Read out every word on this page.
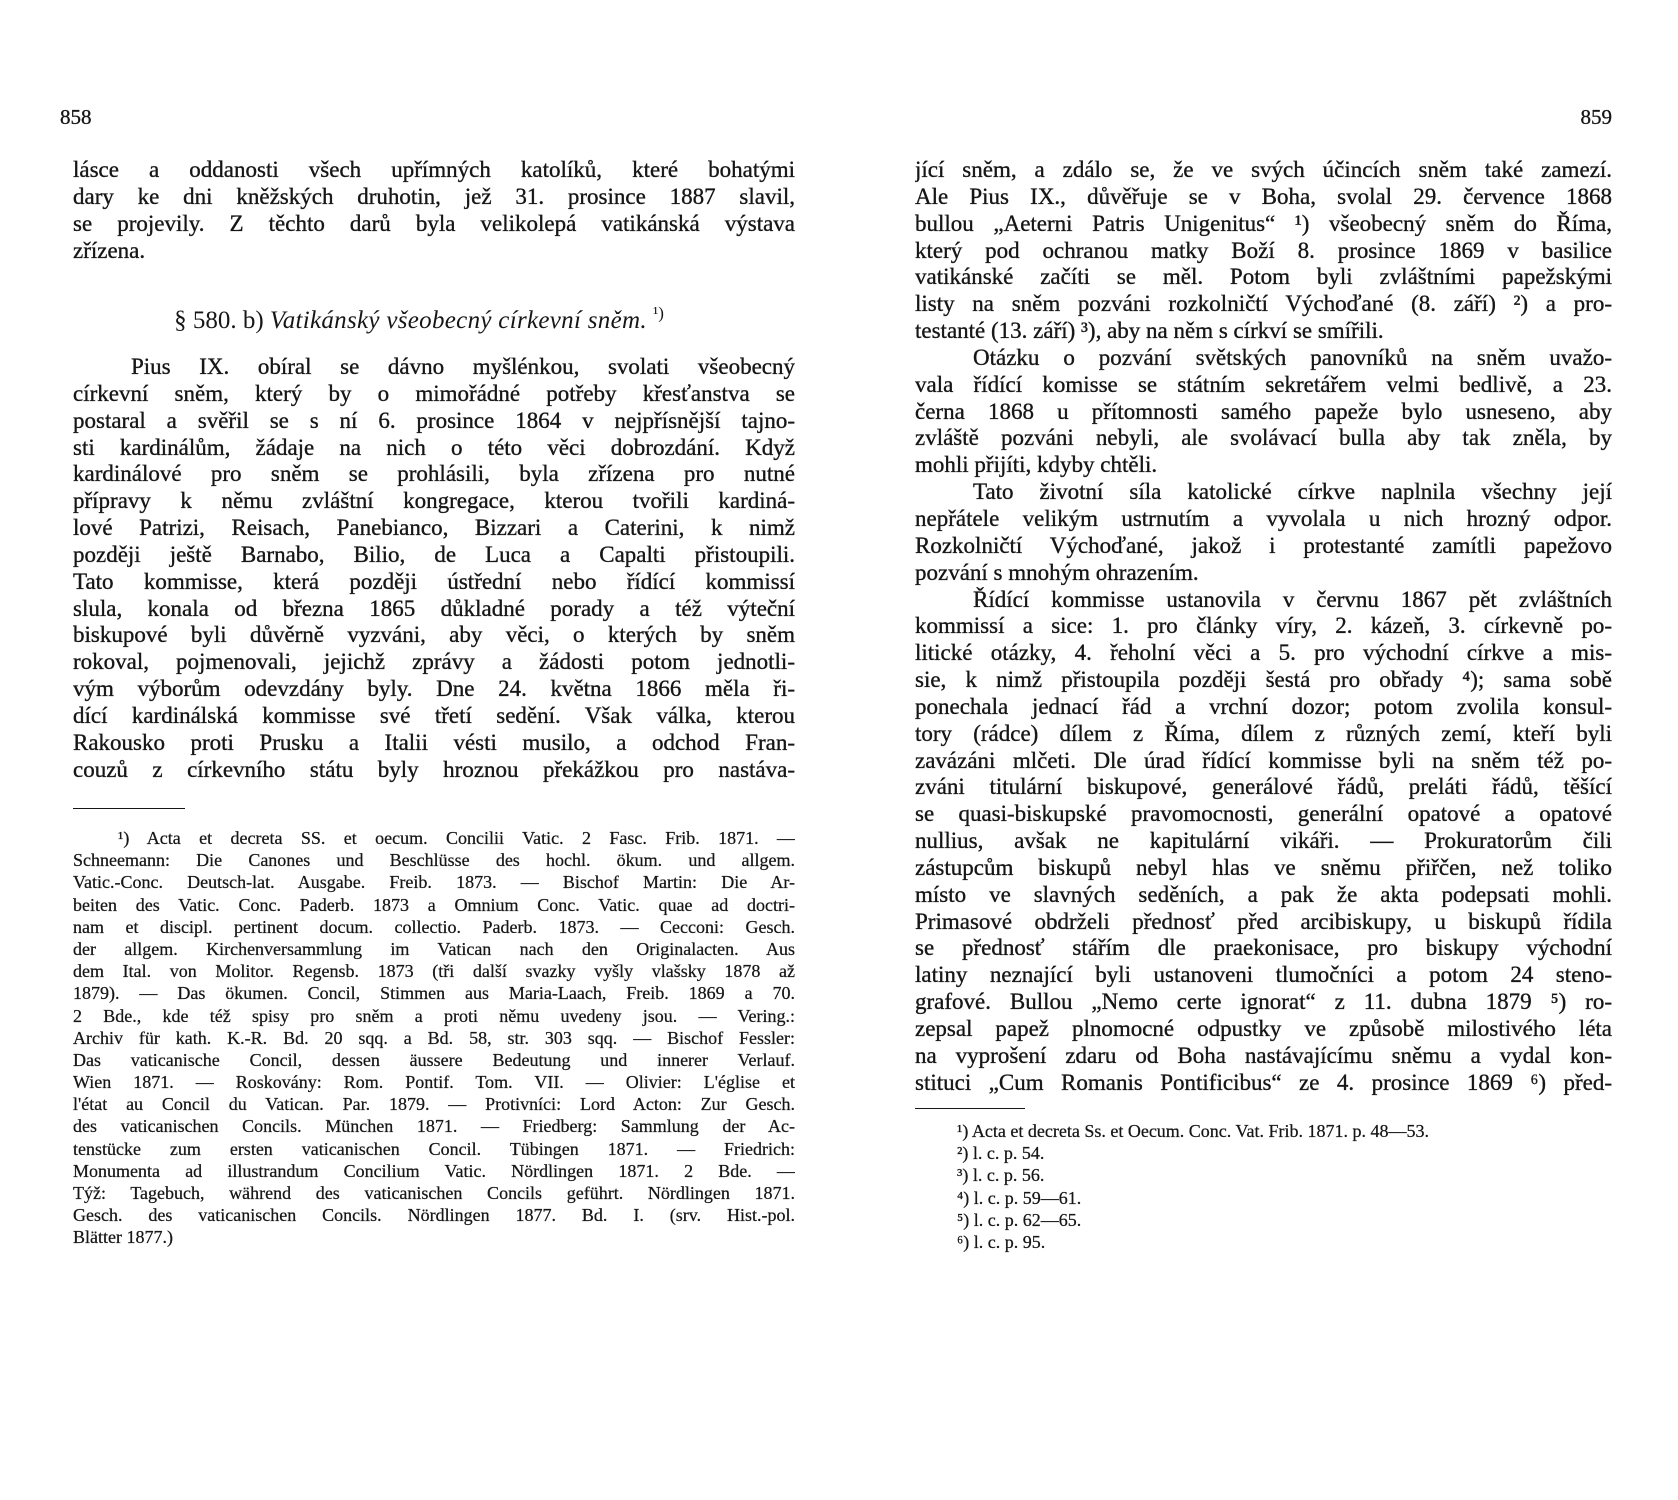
858
lásce a oddanosti všech upřímných katolíků, které bohatými
dary ke dni kněžských druhotin, jež 31. prosince 1887 slavil,
se projevily. Z těchto darů byla velikolepá vatikánská výstava
zřízena.
§ 580. b) Vatikánský všeobecný církevní sněm. $^{^1)}$
Pius IX. obíral se dávno myšlénkou, svolati všeobecný
církevní sněm, který by o mimořádné potřeby křesťanstva se
postaral a svěřil se s ní 6. prosince 1864 v nejpřísnější tajno-
sti kardinálům, žádaje na nich o této věci dobrozdání. Když
kardinálové pro sněm se prohlásili, byla zřízena pro nutné
přípravy k němu zvláštní kongregace, kterou tvořili kardiná-
lové Patrizi, Reisach, Panebianco, Bizzari a Caterini, k nimž
později ještě Barnabo, Bilio, de Luca a Capalti přistoupili.
Tato kommisse, která později ústřední nebo řídící kommissí
slula, konala od března 1865 důkladné porady a též výteční
biskupové byli důvěrně vyzváni, aby věci, o kterých by sněm
rokoval, pojmenovali, jejichž zprávy a žádosti potom jednotli-
vým výborům odevzdány byly. Dne 24. května 1866 měla ři-
dící kardinálská kommisse své třetí sedění. Však válka, kterou
Rakousko proti Prusku a Italii vésti musilo, a odchod Fran-
couzů z církevního státu byly hroznou překážkou pro nastáva-
¹) Acta et decreta SS. et oecum. Concilii Vatic. 2 Fasc. Frib. 1871. —
Schneemann: Die Canones und Beschlüsse des hochl. ökum. und allgem.
Vatic.-Conc. Deutsch-lat. Ausgabe. Freib. 1873. — Bischof Martin: Die Ar-
beiten des Vatic. Conc. Paderb. 1873 a Omnium Conc. Vatic. quae ad doctri-
nam et discipl. pertinent docum. collectio. Paderb. 1873. — Cecconi: Gesch.
der allgem. Kirchenversammlung im Vatican nach den Originalacten. Aus
dem Ital. von Molitor. Regensb. 1873 (tři další svazky vyšly vlašsky 1878 až
1879). — Das ökumen. Concil, Stimmen aus Maria-Laach, Freib. 1869 a 70.
2 Bde., kde též spisy pro sněm a proti němu uvedeny jsou. — Vering.:
Archiv für kath. K.-R. Bd. 20 sqq. a Bd. 58, str. 303 sqq. — Bischof Fessler:
Das vaticanische Concil, dessen äussere Bedeutung und innerer Verlauf.
Wien 1871. — Roskovány: Rom. Pontif. Tom. VII. — Olivier: L'église et
l'état au Concil du Vatican. Par. 1879. — Protivníci: Lord Acton: Zur Gesch.
des vaticanischen Concils. München 1871. — Friedberg: Sammlung der Ac-
tenstücke zum ersten vaticanischen Concil. Tübingen 1871. — Friedrich:
Monumenta ad illustrandum Concilium Vatic. Nördlingen 1871. 2 Bde. —
Týž: Tagebuch, während des vaticanischen Concils geführt. Nördlingen 1871.
Gesch. des vaticanischen Concils. Nördlingen 1877. Bd. I. (srv. Hist.-pol.
Blätter 1877.)
859
jící sněm, a zdálo se, že ve svých účincích sněm také zamezí.
Ale Pius IX., důvěřuje se v Boha, svolal 29. července 1868
bullou „Aeterni Patris Unigenitus“ ¹) všeobecný sněm do Říma,
který pod ochranou matky Boží 8. prosince 1869 v basilice
vatikánské začíti se měl. Potom byli zvláštními papežskými
listy na sněm pozváni rozkolničtí Výchoďané (8. září) ²) a pro-
testanté (13. září) ³), aby na něm s církví se smířili.
Otázku o pozvání světských panovníků na sněm uvažo-
vala řídící komisse se státním sekretářem velmi bedlivě, a 23.
černa 1868 u přítomnosti samého papeže bylo usneseno, aby
zvláště pozváni nebyli, ale svolávací bulla aby tak zněla, by
mohli přijíti, kdyby chtěli.
Tato životní síla katolické církve naplnila všechny její
nepřátele velikým ustrnutím a vyvolala u nich hrozný odpor.
Rozkolničtí Výchoďané, jakož i protestanté zamítli papežovo
pozvání s mnohým ohrazením.
Řídící kommisse ustanovila v červnu 1867 pět zvláštních
kommissí a sice: 1. pro články víry, 2. kázeň, 3. církevně po-
litické otázky, 4. řeholní věci a 5. pro východní církve a mis-
sie, k nimž přistoupila později šestá pro obřady ⁴); sama sobě
ponechala jednací řád a vrchní dozor; potom zvolila konsul-
tory (rádce) dílem z Říma, dílem z různých zemí, kteří byli
zavázáni mlčeti. Dle úrad řídící kommisse byli na sněm též po-
zváni titulární biskupové, generálové řádů, preláti řádů, těšící
se quasi-biskupské pravomocnosti, generální opatové a opatové
nullius, avšak ne kapitulární vikáři. — Prokuratorům čili
zástupcům biskupů nebyl hlas ve sněmu přiřčen, než toliko
místo ve slavných seděních, a pak že akta podepsati mohli.
Primasové obdrželi přednosť před arcibiskupy, u biskupů řídila
se přednosť stářím dle praekonisace, pro biskupy východní
latiny neznající byli ustanoveni tlumočníci a potom 24 steno-
grafové. Bullou „Nemo certe ignorat“ z 11. dubna 1879 ⁵) ro-
zepsal papež plnomocné odpustky ve způsobě milostivého léta
na vyprošení zdaru od Boha nastávajícímu sněmu a vydal kon-
stituci „Cum Romanis Pontificibus“ ze 4. prosince 1869 ⁶) před-
¹) Acta et decreta Ss. et Oecum. Conc. Vat. Frib. 1871. p. 48—53.
²) l. c. p. 54.
³) l. c. p. 56.
⁴) l. c. p. 59—61.
⁵) l. c. p. 62—65.
⁶) l. c. p. 95.
